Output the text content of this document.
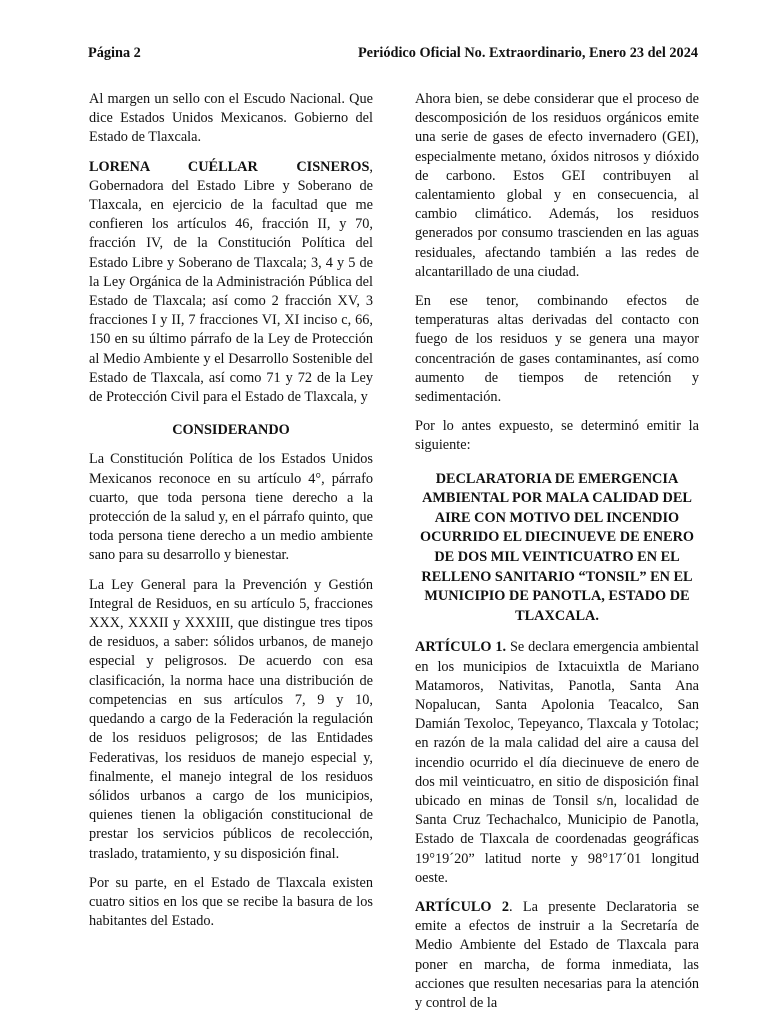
Página 2	Periódico Oficial No. Extraordinario, Enero 23 del 2024

Al margen un sello con el Escudo Nacional. Que dice Estados Unidos Mexicanos. Gobierno del Estado de Tlaxcala.

LORENA CUÉLLAR CISNEROS, Gobernadora del Estado Libre y Soberano de Tlaxcala, en ejercicio de la facultad que me confieren los artículos 46, fracción II, y 70, fracción IV, de la Constitución Política del Estado Libre y Soberano de Tlaxcala; 3, 4 y 5 de la Ley Orgánica de la Administración Pública del Estado de Tlaxcala; así como 2 fracción XV, 3 fracciones I y II, 7 fracciones VI, XI inciso c, 66, 150 en su último párrafo de la Ley de Protección al Medio Ambiente y el Desarrollo Sostenible del Estado de Tlaxcala, así como 71 y 72 de la Ley de Protección Civil para el Estado de Tlaxcala, y

CONSIDERANDO

La Constitución Política de los Estados Unidos Mexicanos reconoce en su artículo 4°, párrafo cuarto, que toda persona tiene derecho a la protección de la salud y, en el párrafo quinto, que toda persona tiene derecho a un medio ambiente sano para su desarrollo y bienestar.

La Ley General para la Prevención y Gestión Integral de Residuos, en su artículo 5, fracciones XXX, XXXII y XXXIII, que distingue tres tipos de residuos, a saber: sólidos urbanos, de manejo especial y peligrosos. De acuerdo con esa clasificación, la norma hace una distribución de competencias en sus artículos 7, 9 y 10, quedando a cargo de la Federación la regulación de los residuos peligrosos; de las Entidades Federativas, los residuos de manejo especial y, finalmente, el manejo integral de los residuos sólidos urbanos a cargo de los municipios, quienes tienen la obligación constitucional de prestar los servicios públicos de recolección, traslado, tratamiento, y su disposición final.

Por su parte, en el Estado de Tlaxcala existen cuatro sitios en los que se recibe la basura de los habitantes del Estado.

Ahora bien, se debe considerar que el proceso de descomposición de los residuos orgánicos emite una serie de gases de efecto invernadero (GEI), especialmente metano, óxidos nitrosos y dióxido de carbono. Estos GEI contribuyen al calentamiento global y en consecuencia, al cambio climático. Además, los residuos generados por consumo trascienden en las aguas residuales, afectando también a las redes de alcantarillado de una ciudad.

En ese tenor, combinando efectos de temperaturas altas derivadas del contacto con fuego de los residuos y se genera una mayor concentración de gases contaminantes, así como aumento de tiempos de retención y sedimentación.

Por lo antes expuesto, se determinó emitir la siguiente:

DECLARATORIA DE EMERGENCIA AMBIENTAL POR MALA CALIDAD DEL AIRE CON MOTIVO DEL INCENDIO OCURRIDO EL DIECINUEVE DE ENERO DE DOS MIL VEINTICUATRO EN EL RELLENO SANITARIO “TONSIL” EN EL MUNICIPIO DE PANOTLA, ESTADO DE TLAXCALA.

ARTÍCULO 1. Se declara emergencia ambiental en los municipios de Ixtacuixtla de Mariano Matamoros, Nativitas, Panotla, Santa Ana Nopalucan, Santa Apolonia Teacalco, San Damián Texoloc, Tepeyanco, Tlaxcala y Totolac; en razón de la mala calidad del aire a causa del incendio ocurrido el día diecinueve de enero de dos mil veinticuatro, en sitio de disposición final ubicado en minas de Tonsil s/n, localidad de Santa Cruz Techachalco, Municipio de Panotla, Estado de Tlaxcala de coordenadas geográficas 19°19´20” latitud norte y 98°17´01 longitud oeste.

ARTÍCULO 2. La presente Declaratoria se emite a efectos de instruir a la Secretaría de Medio Ambiente del Estado de Tlaxcala para poner en marcha, de forma inmediata, las acciones que resulten necesarias para la atención y control de la
